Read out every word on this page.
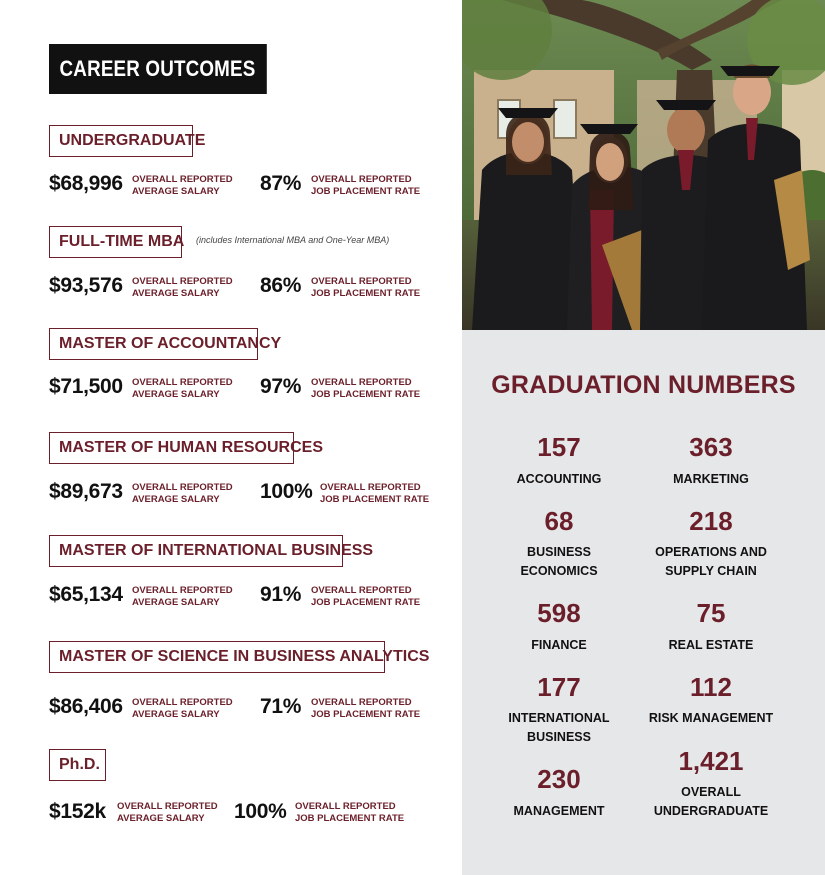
CAREER OUTCOMES
UNDERGRADUATE
$68,996 OVERALL REPORTED
AVERAGE SALARY	87% OVERALL REPORTED
JOB PLACEMENT RATE
FULL-TIME MBA (includes International MBA and One-Year MBA)
$93,576 OVERALL REPORTED
AVERAGE SALARY	86% OVERALL REPORTED
JOB PLACEMENT RATE
MASTER OF ACCOUNTANCY
$71,500 OVERALL REPORTED
AVERAGE SALARY	97% OVERALL REPORTED
JOB PLACEMENT RATE
MASTER OF HUMAN RESOURCES
$89,673 OVERALL REPORTED
AVERAGE SALARY	100% OVERALL REPORTED
JOB PLACEMENT RATE
MASTER OF INTERNATIONAL BUSINESS
$65,134 OVERALL REPORTED
AVERAGE SALARY	91% OVERALL REPORTED
JOB PLACEMENT RATE
MASTER OF SCIENCE IN BUSINESS ANALYTICS
$86,406 OVERALL REPORTED
AVERAGE SALARY	71% OVERALL REPORTED
JOB PLACEMENT RATE
Ph.D.
$152k OVERALL REPORTED
AVERAGE SALARY	100% OVERALL REPORTED
JOB PLACEMENT RATE
GRADUATION NUMBERS
157
ACCOUNTING
363
MARKETING
68
BUSINESS
ECONOMICS
218
OPERATIONS AND
SUPPLY CHAIN
598
FINANCE
75
REAL ESTATE
177
INTERNATIONAL
BUSINESS
112
RISK MANAGEMENT
230
MANAGEMENT
1,421
OVERALL
UNDERGRADUATE
